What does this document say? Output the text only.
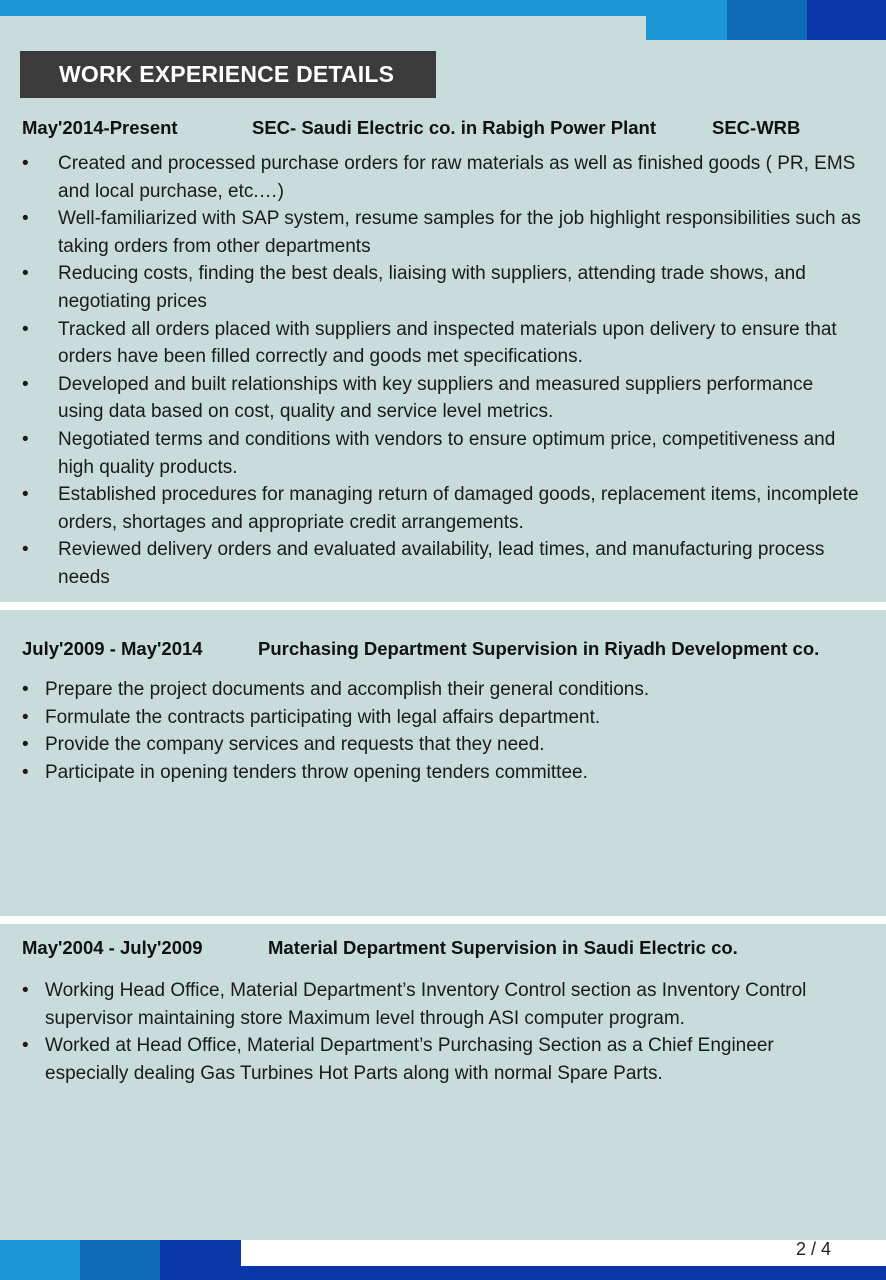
WORK EXPERIENCE DETAILS
May'2014-Present	SEC- Saudi Electric co. in Rabigh Power Plant	SEC-WRB
• Created and processed purchase orders for raw materials as well as finished goods ( PR, EMS and local purchase, etc.…)
• Well-familiarized with SAP system, resume samples for the job highlight responsibilities such as taking orders from other departments
• Reducing costs, finding the best deals, liaising with suppliers, attending trade shows, and negotiating prices
• Tracked all orders placed with suppliers and inspected materials upon delivery to ensure that orders have been filled correctly and goods met specifications.
• Developed and built relationships with key suppliers and measured suppliers performance using data based on cost, quality and service level metrics.
• Negotiated terms and conditions with vendors to ensure optimum price, competitiveness and high quality products.
• Established procedures for managing return of damaged goods, replacement items, incomplete orders, shortages and appropriate credit arrangements.
• Reviewed delivery orders and evaluated availability, lead times, and manufacturing process needs
July'2009 - May'2014	Purchasing Department Supervision in Riyadh Development co.
• Prepare the project documents and accomplish their general conditions.
• Formulate the contracts participating with legal affairs department.
• Provide the company services and requests that they need.
• Participate in opening tenders throw opening tenders committee.
May'2004 - July'2009	Material Department Supervision in Saudi Electric co.
• Working Head Office, Material Department’s Inventory Control section as Inventory Control supervisor maintaining store Maximum level through ASI computer program.
• Worked at Head Office, Material Department’s Purchasing Section as a Chief Engineer especially dealing Gas Turbines Hot Parts along with normal Spare Parts.
2 / 4
